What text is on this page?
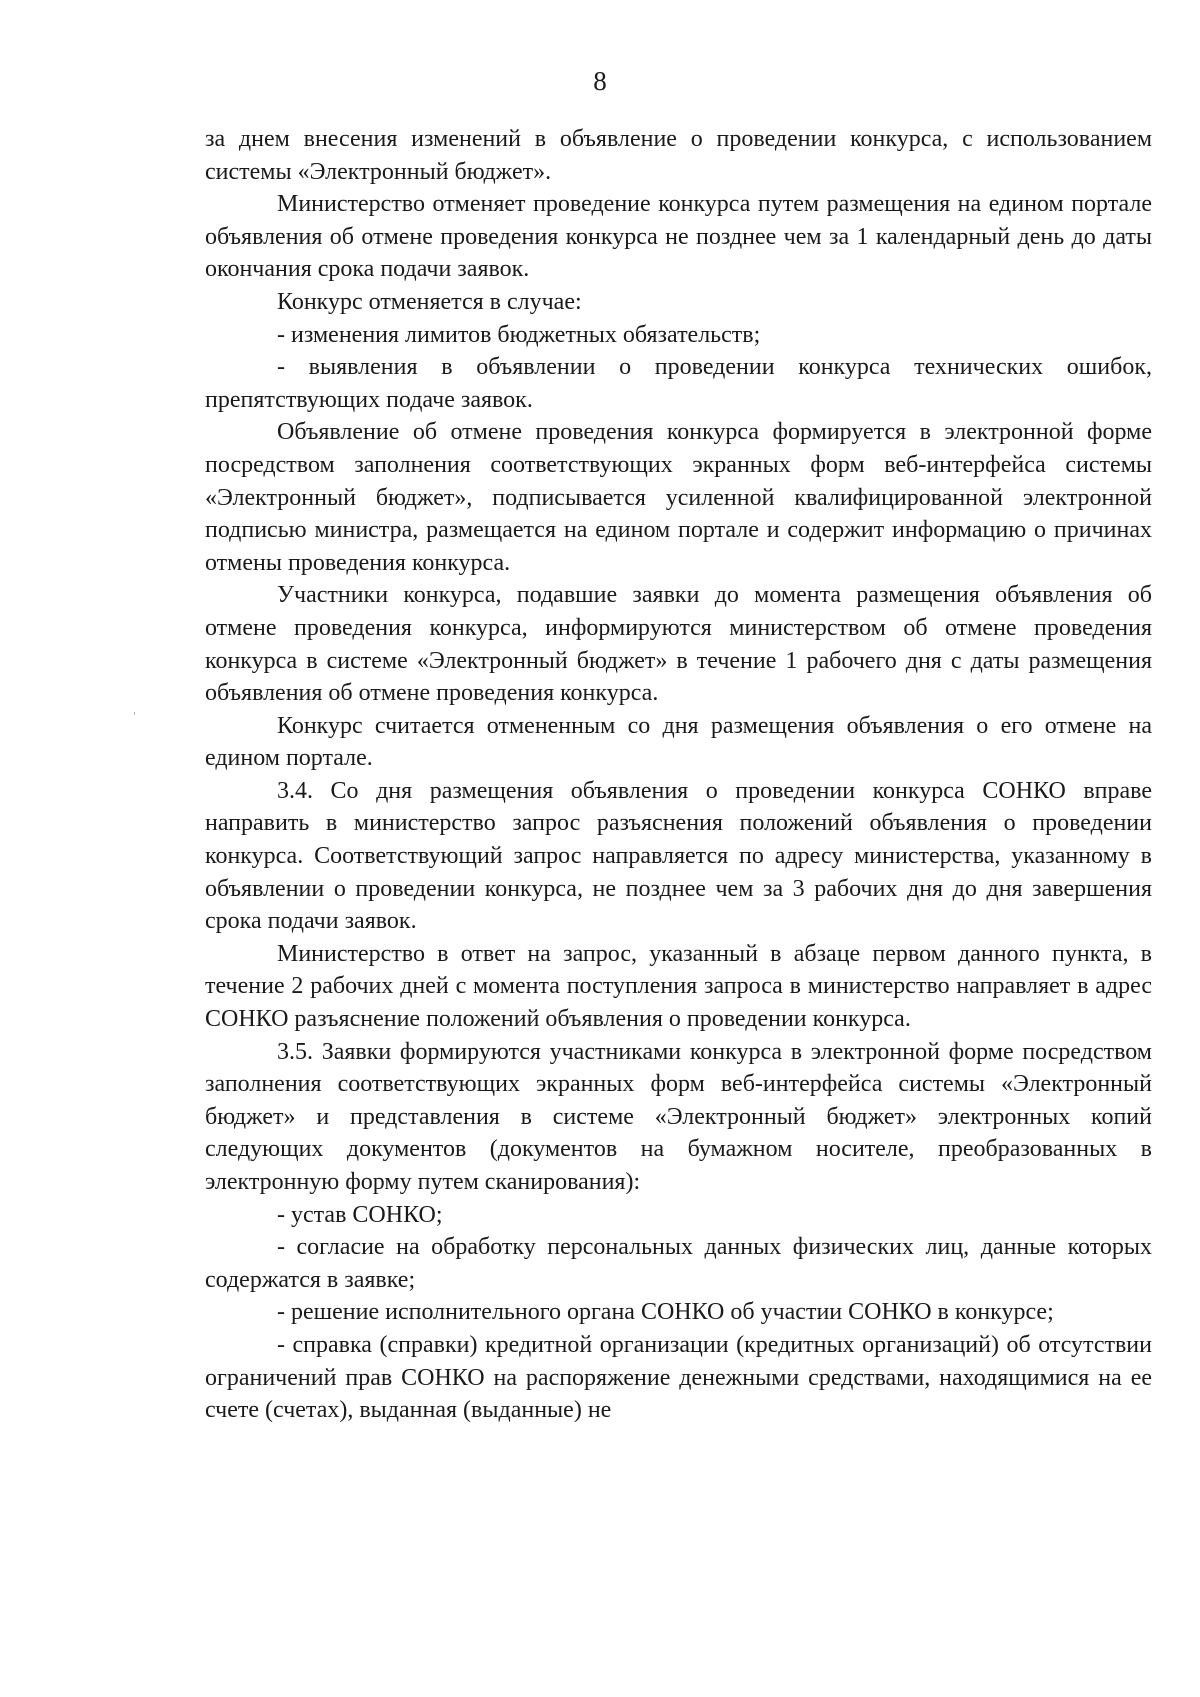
8

за днем внесения изменений в объявление о проведении конкурса, с использованием системы «Электронный бюджет».

Министерство отменяет проведение конкурса путем размещения на едином портале объявления об отмене проведения конкурса не позднее чем за 1 календарный день до даты окончания срока подачи заявок.

Конкурс отменяется в случае:

- изменения лимитов бюджетных обязательств;

- выявления в объявлении о проведении конкурса технических ошибок, препятствующих подаче заявок.

Объявление об отмене проведения конкурса формируется в электронной форме посредством заполнения соответствующих экранных форм веб-интерфейса системы «Электронный бюджет», подписывается усиленной квалифицированной электронной подписью министра, размещается на едином портале и содержит информацию о причинах отмены проведения конкурса.

Участники конкурса, подавшие заявки до момента размещения объявления об отмене проведения конкурса, информируются министерством об отмене проведения конкурса в системе «Электронный бюджет» в течение 1 рабочего дня с даты размещения объявления об отмене проведения конкурса.

Конкурс считается отмененным со дня размещения объявления о его отмене на едином портале.

3.4. Со дня размещения объявления о проведении конкурса СОНКО вправе направить в министерство запрос разъяснения положений объявления о проведении конкурса. Соответствующий запрос направляется по адресу министерства, указанному в объявлении о проведении конкурса, не позднее чем за 3 рабочих дня до дня завершения срока подачи заявок.

Министерство в ответ на запрос, указанный в абзаце первом данного пункта, в течение 2 рабочих дней с момента поступления запроса в министерство направляет в адрес СОНКО разъяснение положений объявления о проведении конкурса.

3.5. Заявки формируются участниками конкурса в электронной форме посредством заполнения соответствующих экранных форм веб-интерфейса системы «Электронный бюджет» и представления в системе «Электронный бюджет» электронных копий следующих документов (документов на бумажном носителе, преобразованных в электронную форму путем сканирования):

- устав СОНКО;

- согласие на обработку персональных данных физических лиц, данные которых содержатся в заявке;

- решение исполнительного органа СОНКО об участии СОНКО в конкурсе;

- справка (справки) кредитной организации (кредитных организаций) об отсутствии ограничений прав СОНКО на распоряжение денежными средствами, находящимися на ее счете (счетах), выданная (выданные) не
